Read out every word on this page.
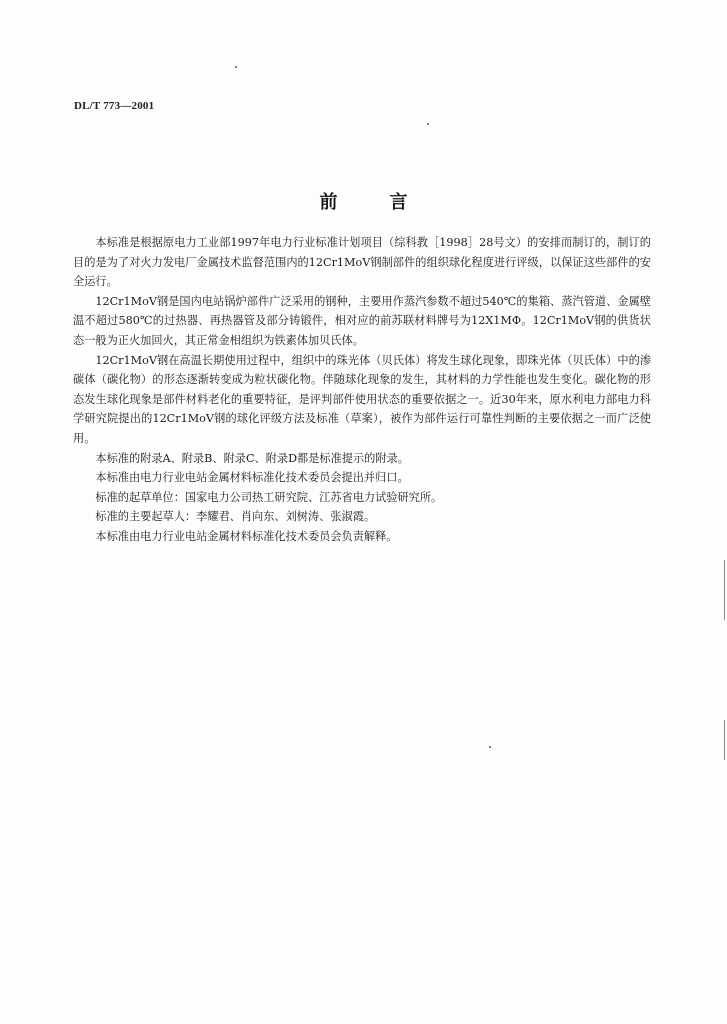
DL/T 773—2001
前	言

本标准是根据原电力工业部1997年电力行业标准计划项目（综科教［1998］28号文）的安排而制订的，制订的目的是为了对火力发电厂金属技术监督范围内的12Cr1MoV钢制部件的组织球化程度进行评级，以保证这些部件的安全运行。

12Cr1MoV钢是国内电站锅炉部件广泛采用的钢种，主要用作蒸汽参数不超过540℃的集箱、蒸汽管道、金属壁温不超过580℃的过热器、再热器管及部分铸锻件，相对应的前苏联材料牌号为12X1MΦ。12Cr1MoV钢的供货状态一般为正火加回火，其正常金相组织为铁素体加贝氏体。

12Cr1MoV钢在高温长期使用过程中，组织中的珠光体（贝氏体）将发生球化现象，即珠光体（贝氏体）中的渗碳体（碳化物）的形态逐渐转变成为粒状碳化物。伴随球化现象的发生，其材料的力学性能也发生变化。碳化物的形态发生球化现象是部件材料老化的重要特征，是评判部件使用状态的重要依据之一。近30年来，原水利电力部电力科学研究院提出的12Cr1MoV钢的球化评级方法及标准（草案），被作为部件运行可靠性判断的主要依据之一而广泛使用。

本标准的附录A、附录B、附录C、附录D都是标准提示的附录。

本标准由电力行业电站金属材料标准化技术委员会提出并归口。

标准的起草单位：国家电力公司热工研究院、江苏省电力试验研究所。

标准的主要起草人：李耀君、肖向东、刘树涛、张淑霞。

本标准由电力行业电站金属材料标准化技术委员会负责解释。
